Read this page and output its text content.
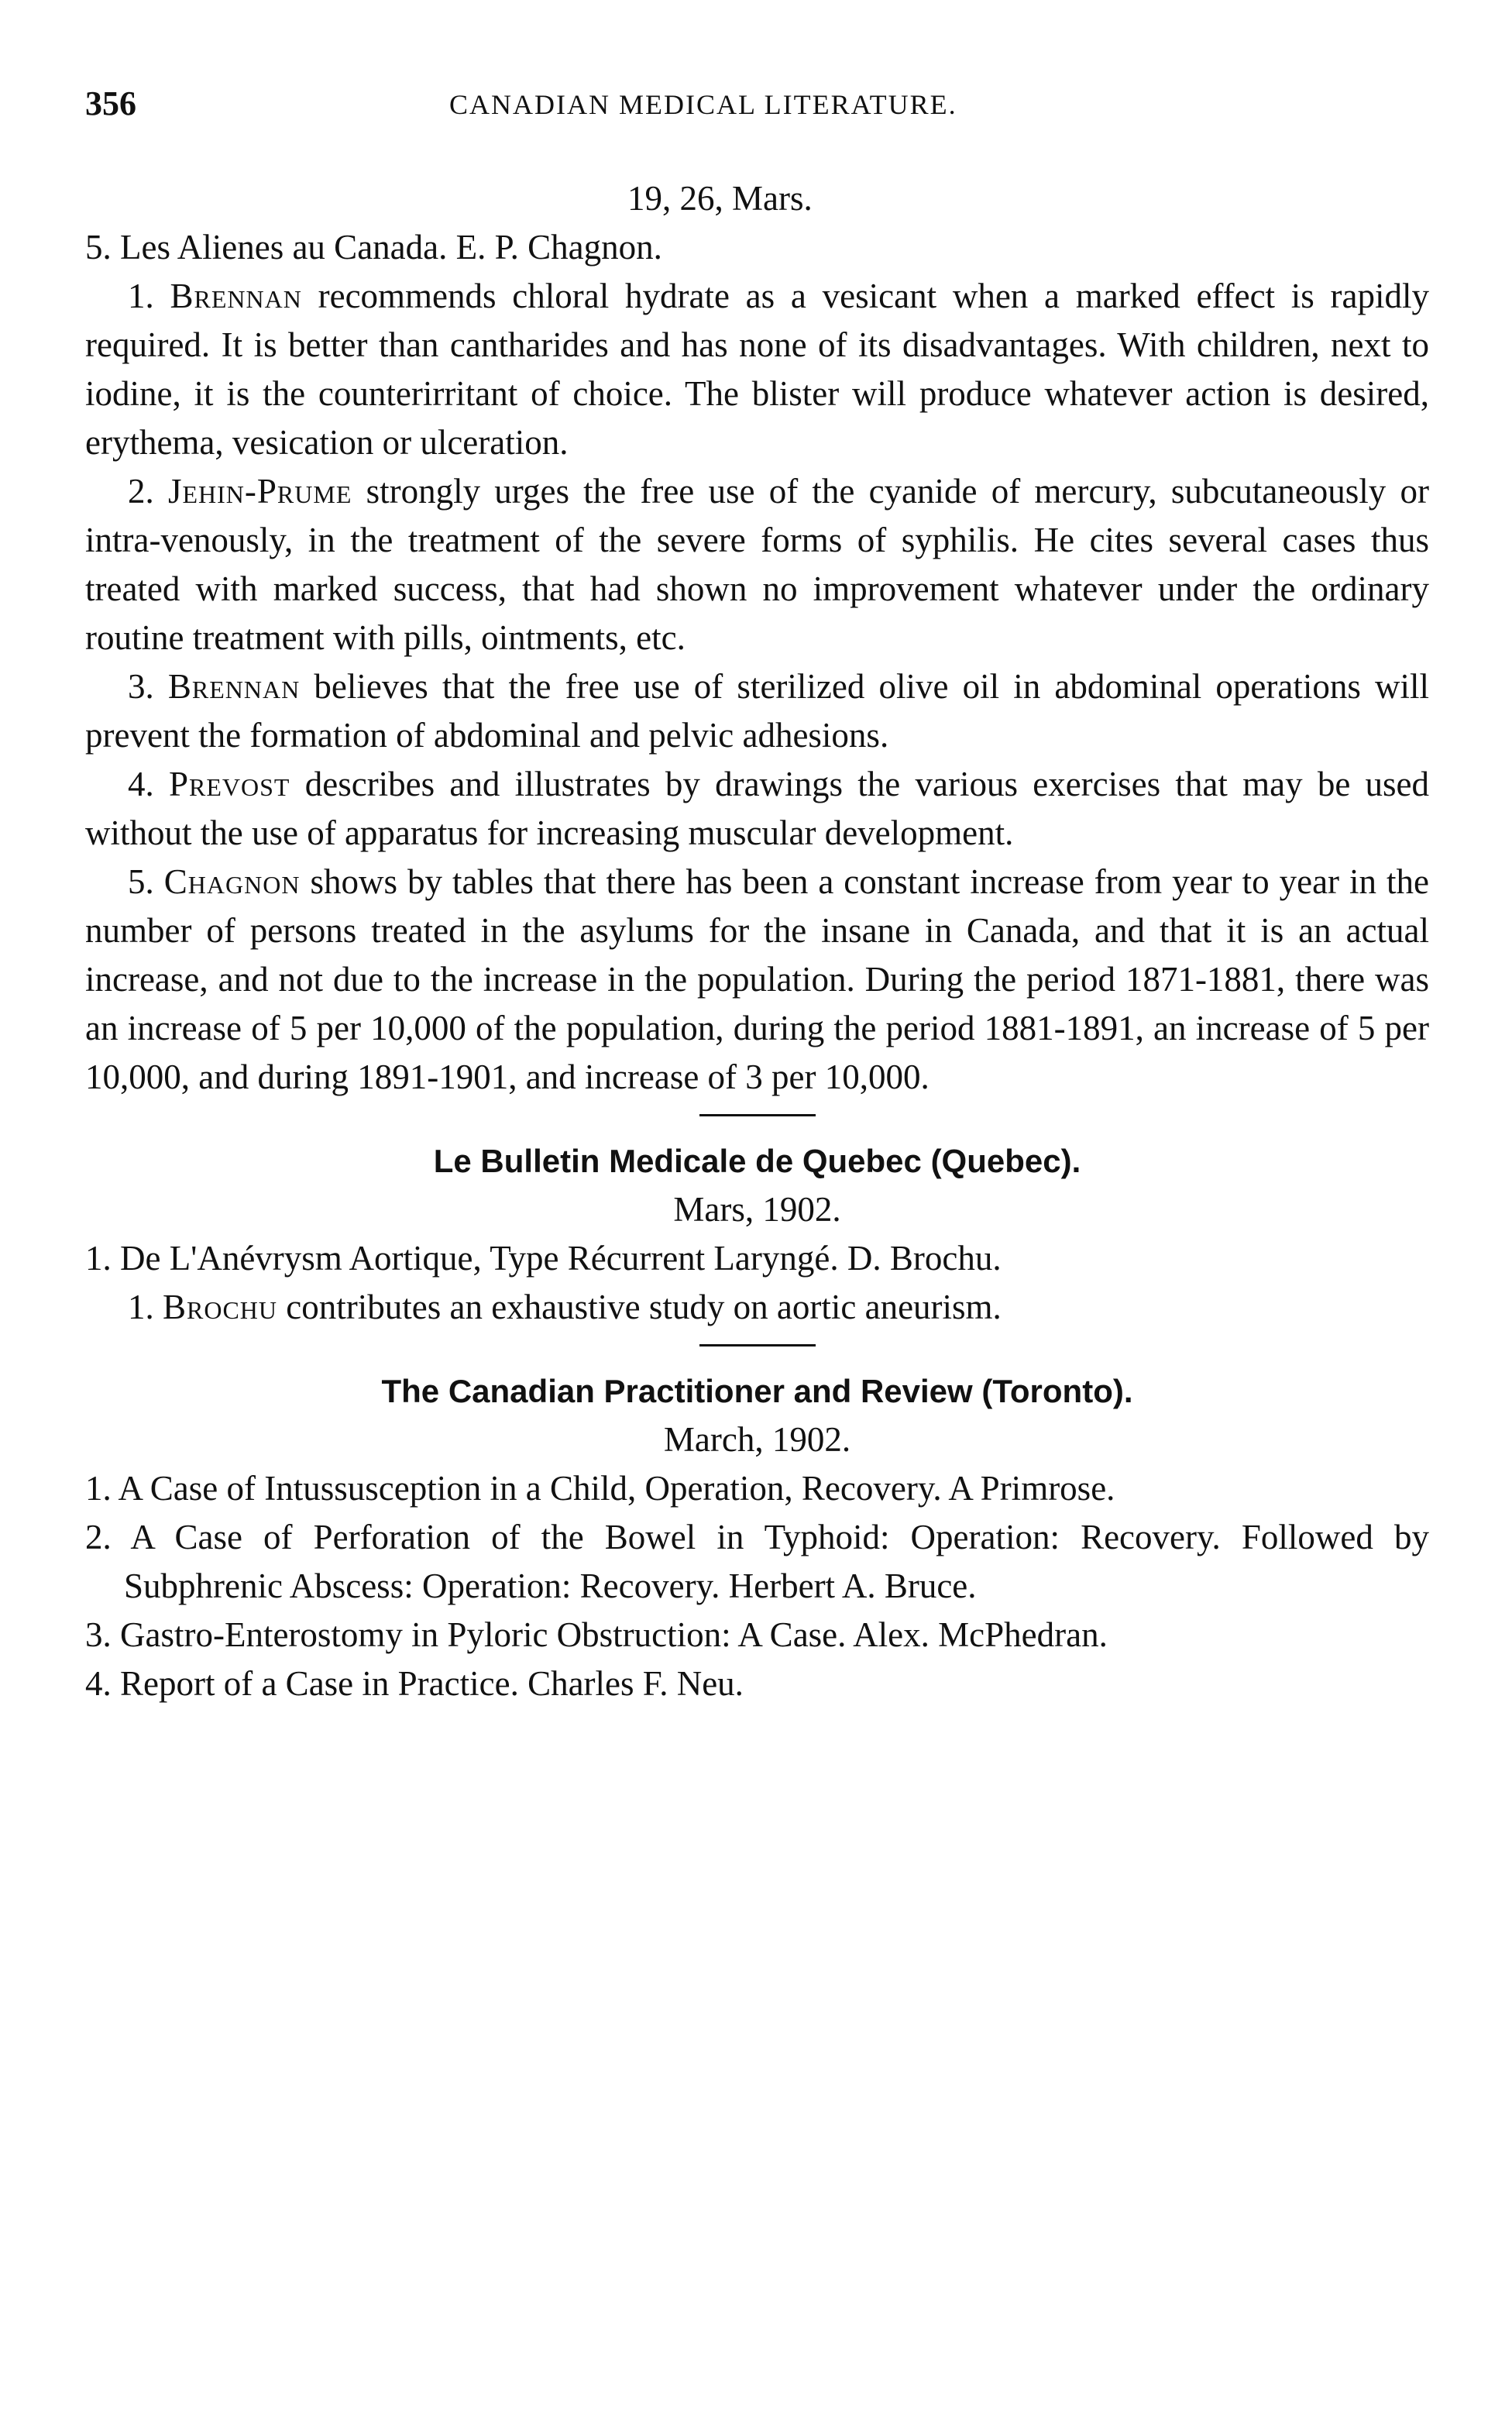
356	CANADIAN MEDICAL LITERATURE.

19, 26, Mars.

5. Les Alienes au Canada. E. P. Chagnon.

1. Brennan recommends chloral hydrate as a vesicant when a marked effect is rapidly required. It is better than cantharides and has none of its disadvantages. With children, next to iodine, it is the counterirritant of choice. The blister will produce whatever action is desired, erythema, vesication or ulceration.

2. Jehin-Prume strongly urges the free use of the cyanide of mercury, subcutaneously or intra-venously, in the treatment of the severe forms of syphilis. He cites several cases thus treated with marked success, that had shown no improvement whatever under the ordinary routine treatment with pills, ointments, etc.

3. Brennan believes that the free use of sterilized olive oil in abdominal operations will prevent the formation of abdominal and pelvic adhesions.

4. Prevost describes and illustrates by drawings the various exercises that may be used without the use of apparatus for increasing muscular development.

5. Chagnon shows by tables that there has been a constant increase from year to year in the number of persons treated in the asylums for the insane in Canada, and that it is an actual increase, and not due to the increase in the population. During the period 1871-1881, there was an increase of 5 per 10,000 of the population, during the period 1881-1891, an increase of 5 per 10,000, and during 1891-1901, and increase of 3 per 10,000.

Le Bulletin Medicale de Quebec (Quebec).

Mars, 1902.

1. De L'Anévrysm Aortique, Type Récurrent Laryngé. D. Brochu.

1. Brochu contributes an exhaustive study on aortic aneurism.

The Canadian Practitioner and Review (Toronto).

March, 1902.

1. A Case of Intussusception in a Child, Operation, Recovery. A Primrose.

2. A Case of Perforation of the Bowel in Typhoid: Operation: Recovery. Followed by Subphrenic Abscess: Operation: Recovery. Herbert A. Bruce.

3. Gastro-Enterostomy in Pyloric Obstruction: A Case. Alex. McPhedran.

4. Report of a Case in Practice. Charles F. Neu.
